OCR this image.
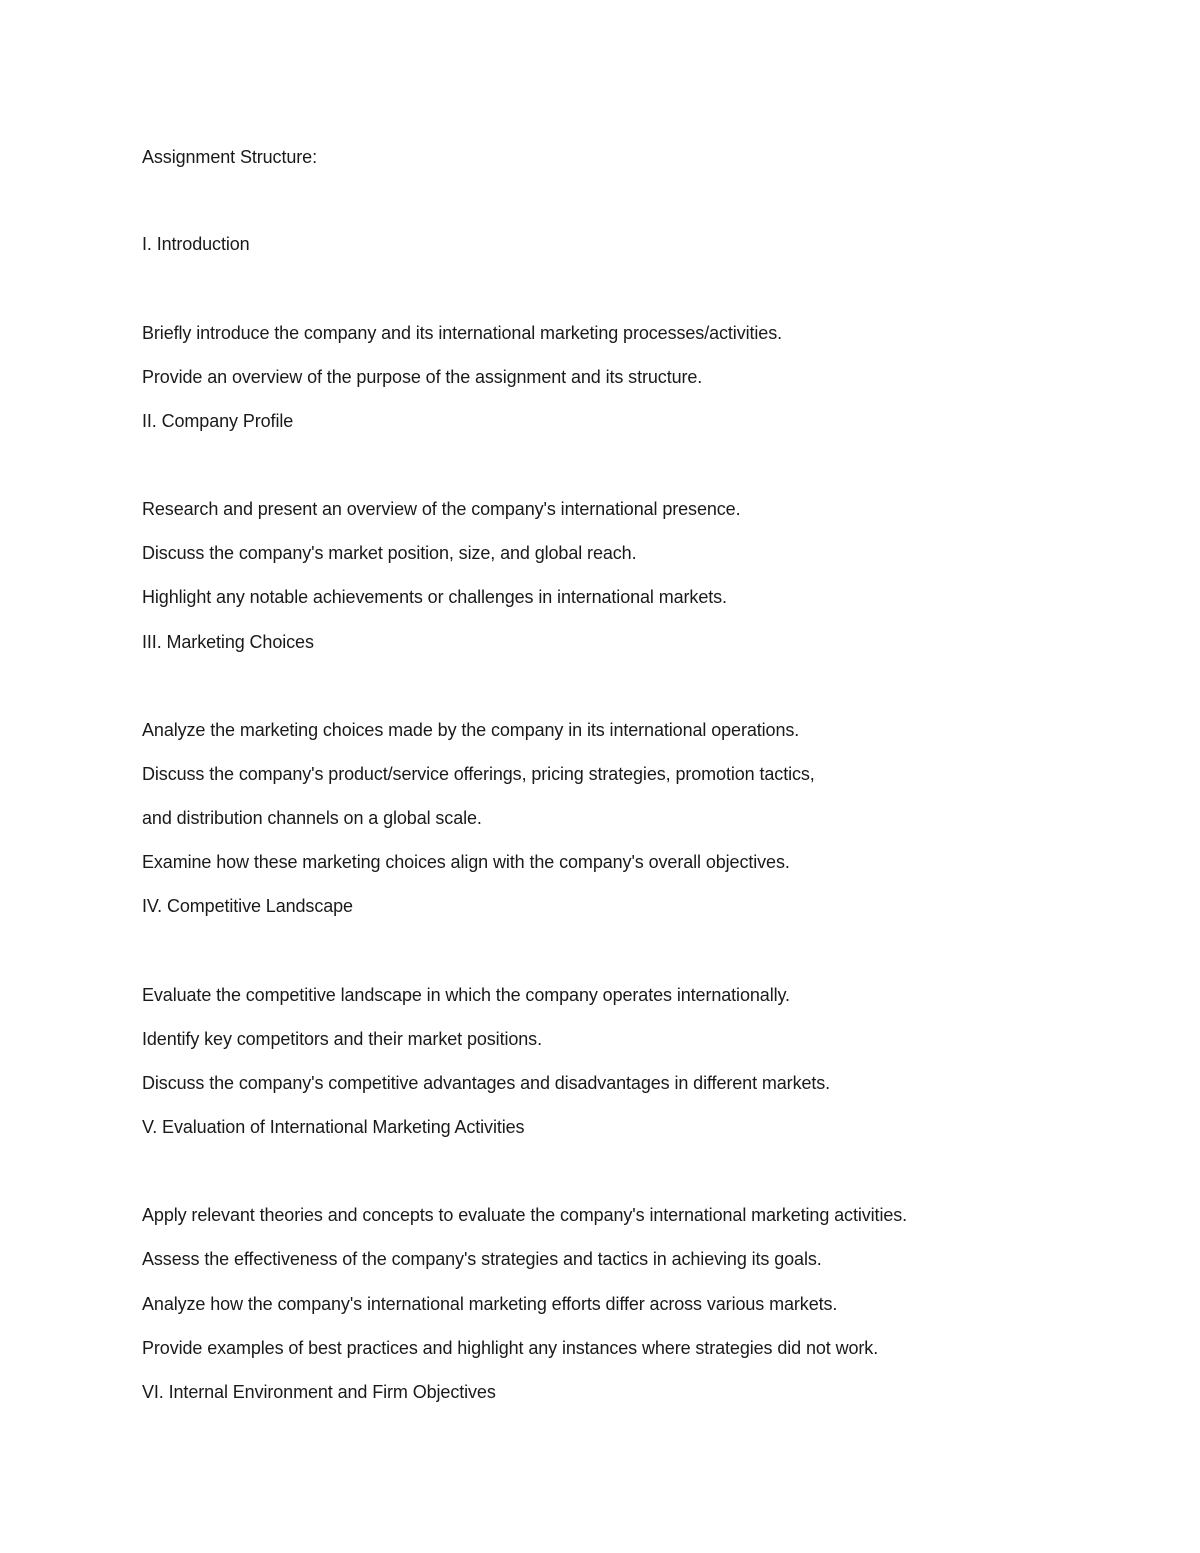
Assignment Structure:
I. Introduction
Briefly introduce the company and its international marketing processes/activities.
Provide an overview of the purpose of the assignment and its structure.
II. Company Profile
Research and present an overview of the company's international presence.
Discuss the company's market position, size, and global reach.
Highlight any notable achievements or challenges in international markets.
III. Marketing Choices
Analyze the marketing choices made by the company in its international operations.
Discuss the company's product/service offerings, pricing strategies, promotion tactics,
and distribution channels on a global scale.
Examine how these marketing choices align with the company's overall objectives.
IV. Competitive Landscape
Evaluate the competitive landscape in which the company operates internationally.
Identify key competitors and their market positions.
Discuss the company's competitive advantages and disadvantages in different markets.
V. Evaluation of International Marketing Activities
Apply relevant theories and concepts to evaluate the company's international marketing activities.
Assess the effectiveness of the company's strategies and tactics in achieving its goals.
Analyze how the company's international marketing efforts differ across various markets.
Provide examples of best practices and highlight any instances where strategies did not work.
VI. Internal Environment and Firm Objectives
